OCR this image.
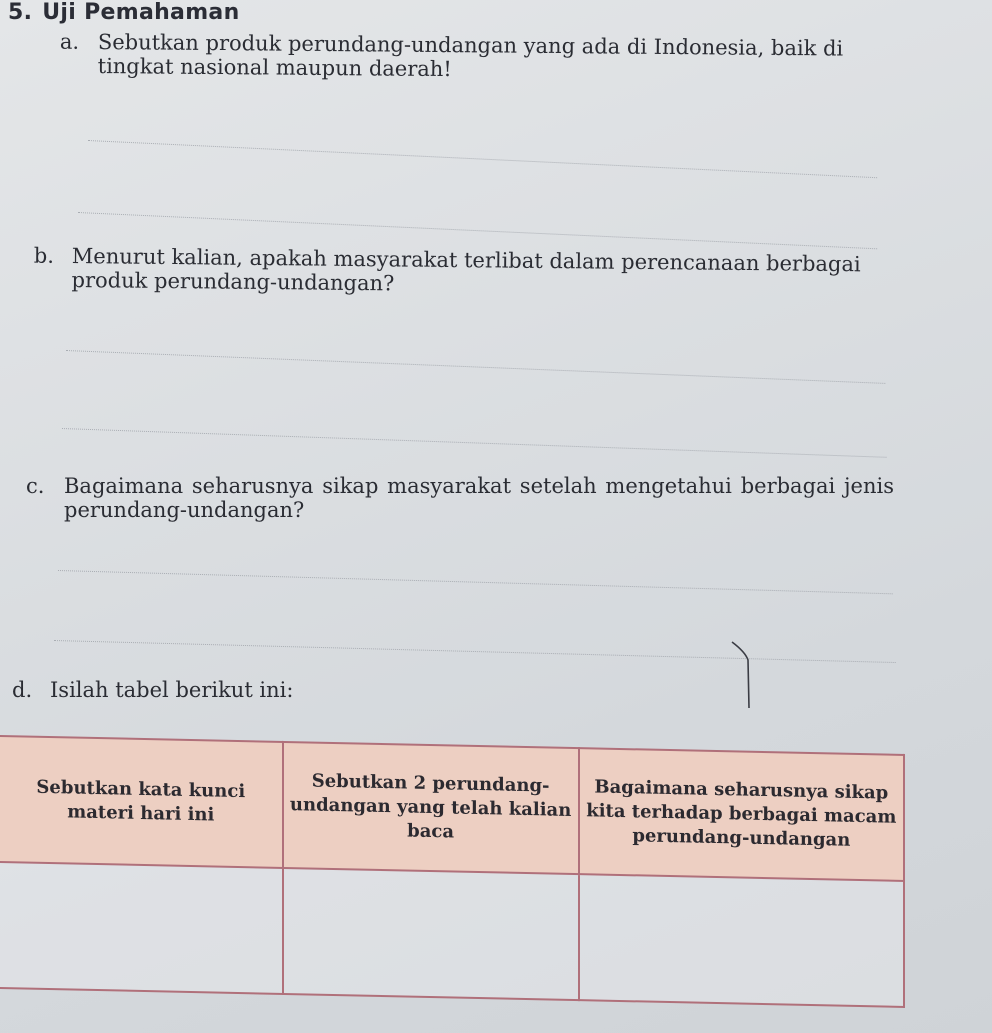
5. Uji Pemahaman
a. Sebutkan produk perundang-undangan yang ada di Indonesia, baik di tingkat nasional maupun daerah!
b. Menurut kalian, apakah masyarakat terlibat dalam perencanaan berbagai produk perundang-undangan?
c. Bagaimana seharusnya sikap masyarakat setelah mengetahui berbagai jenis perundang-undangan?
d. Isilah tabel berikut ini:
Sebutkan kata kunci materi hari ini	Sebutkan 2 perundang-undangan yang telah kalian baca	Bagaimana seharusnya sikap kita terhadap berbagai macam perundang-undangan
